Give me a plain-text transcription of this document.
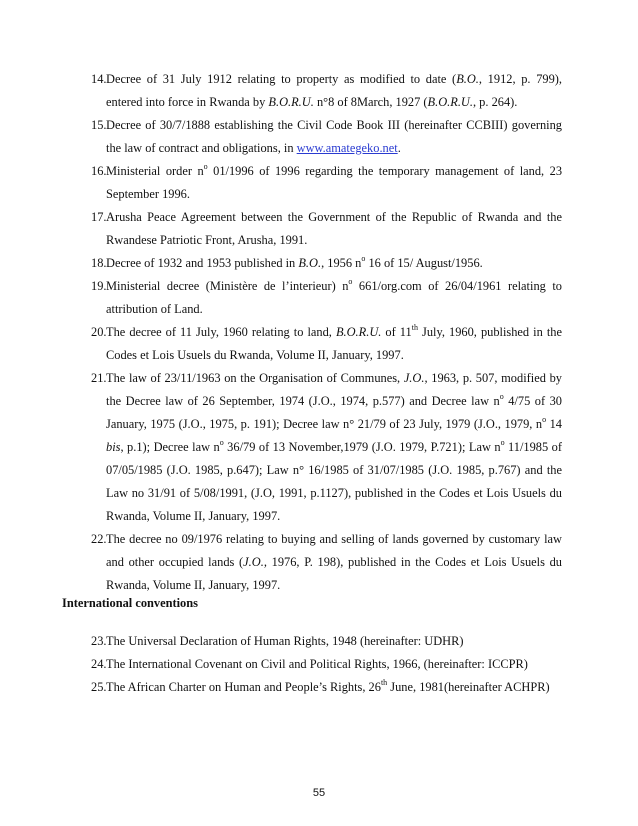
14. Decree of 31 July 1912 relating to property as modified to date (B.O., 1912, p. 799), entered into force in Rwanda by B.O.R.U. n°8 of 8March, 1927 (B.O.R.U., p. 264).
15. Decree of 30/7/1888 establishing the Civil Code Book III (hereinafter CCBIII) governing the law of contract and obligations, in www.amategeko.net.
16. Ministerial order $n^o$ 01/1996 of 1996 regarding the temporary management of land, 23 September 1996.
17. Arusha Peace Agreement between the Government of the Republic of Rwanda and the Rwandese Patriotic Front, Arusha, 1991.
18. Decree of 1932 and 1953 published in B.O., 1956 $n^o$ 16 of 15/ August/1956.
19. Ministerial decree (Ministère de l’interieur) $n^o$ 661/org.com of 26/04/1961 relating to attribution of Land.
20. The decree of 11 July, 1960 relating to land, B.O.R.U. of 11th July, 1960, published in the Codes et Lois Usuels du Rwanda, Volume II, January, 1997.
21. The law of 23/11/1963 on the Organisation of Communes, J.O., 1963, p. 507, modified by the Decree law of 26 September, 1974 (J.O., 1974, p.577) and Decree law $n^o$ 4/75 of 30 January, 1975 (J.O., 1975, p. 191); Decree law n° 21/79 of 23 July, 1979 (J.O., 1979, $n^o$ 14 bis, p.1); Decree law $n^o$ 36/79 of 13 November,1979 (J.O. 1979, P.721); Law $n^o$ 11/1985 of 07/05/1985 (J.O. 1985, p.647); Law n° 16/1985 of 31/07/1985 (J.O. 1985, p.767) and the Law no 31/91 of 5/08/1991, (J.O, 1991, p.1127), published in the Codes et Lois Usuels du Rwanda, Volume II, January, 1997.
22. The decree no 09/1976 relating to buying and selling of lands governed by customary law and other occupied lands (J.O., 1976, P. 198), published in the Codes et Lois Usuels du Rwanda, Volume II, January, 1997.
International conventions
23. The Universal Declaration of Human Rights, 1948 (hereinafter: UDHR)
24. The International Covenant on Civil and Political Rights, 1966, (hereinafter: ICCPR)
25. The African Charter on Human and People’s Rights, 26th June, 1981(hereinafter ACHPR)
55
